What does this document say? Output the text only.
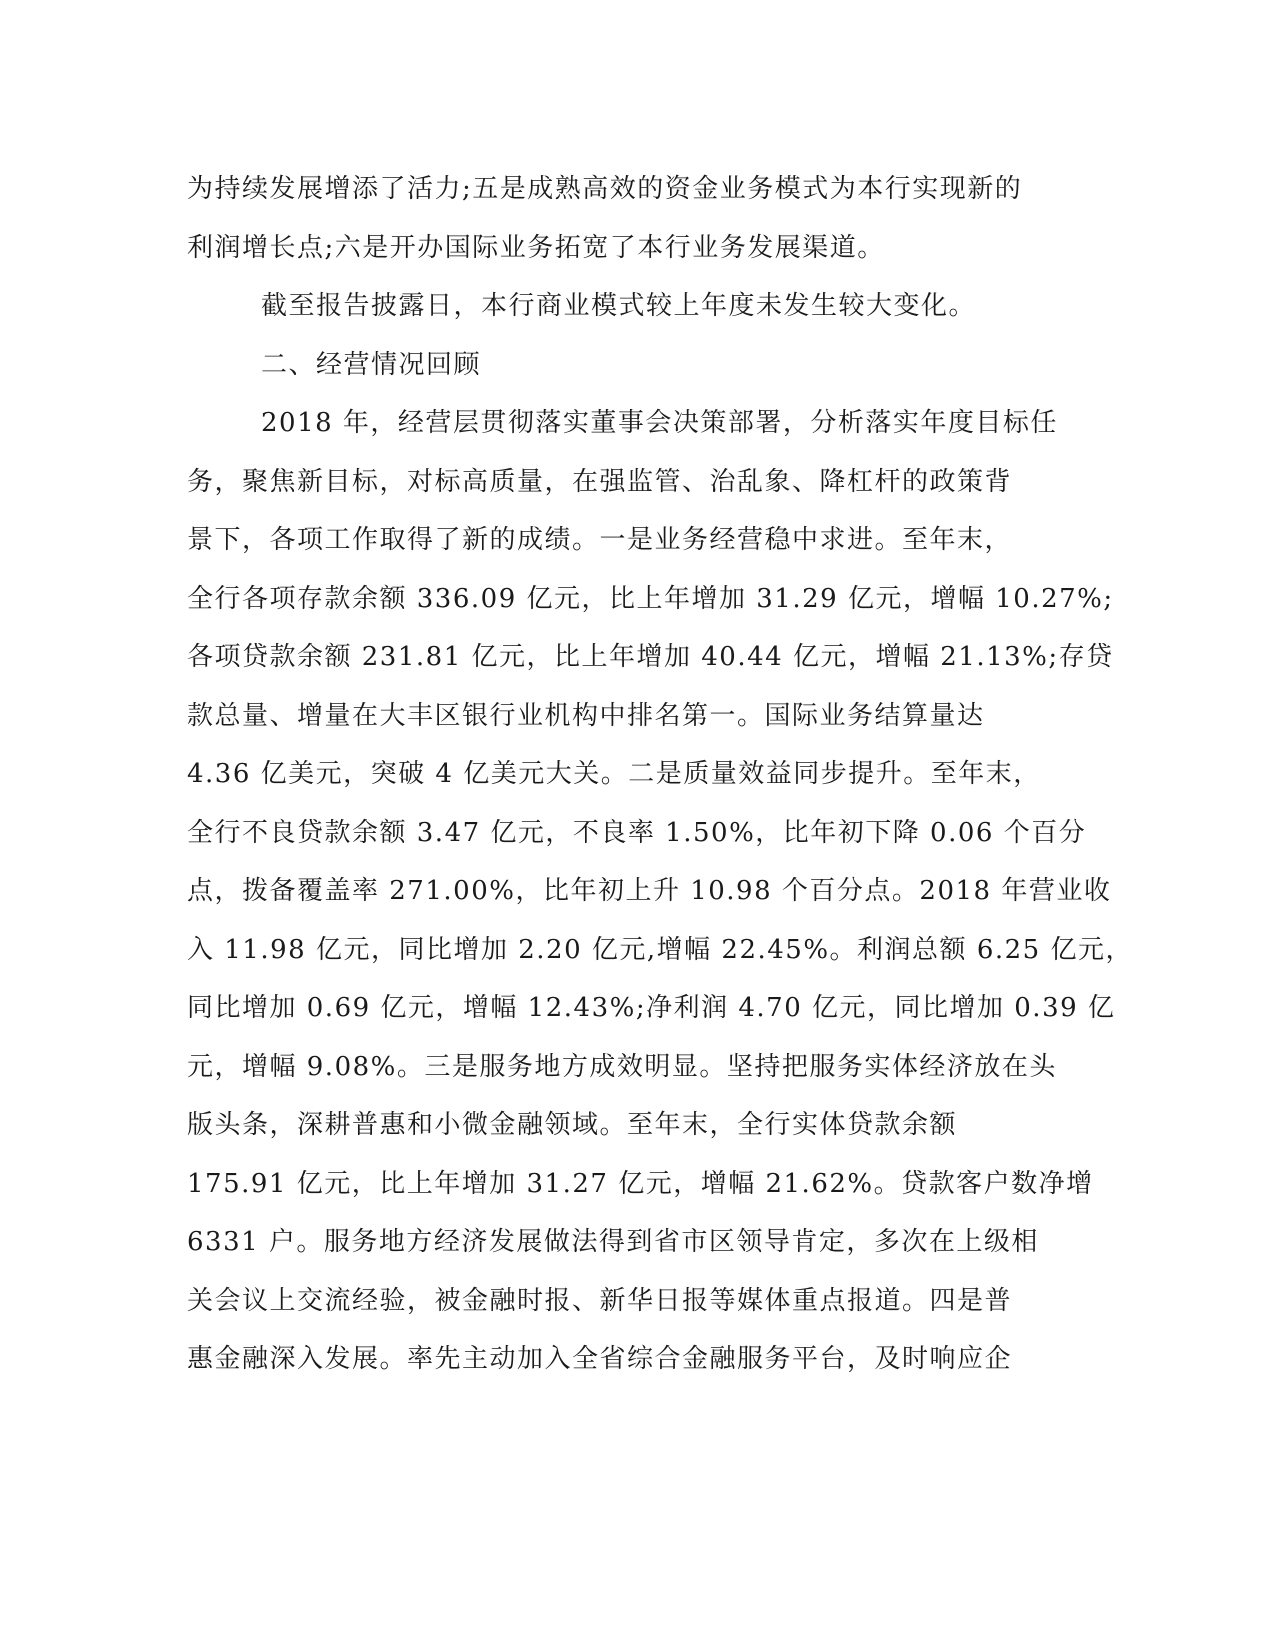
为持续发展增添了活力;五是成熟高效的资金业务模式为本行实现新的
利润增长点;六是开办国际业务拓宽了本行业务发展渠道。
截至报告披露日，本行商业模式较上年度未发生较大变化。
二、经营情况回顾
2018 年，经营层贯彻落实董事会决策部署，分析落实年度目标任
务，聚焦新目标，对标高质量，在强监管、治乱象、降杠杆的政策背
景下，各项工作取得了新的成绩。一是业务经营稳中求进。至年末，
全行各项存款余额 336.09 亿元，比上年增加 31.29 亿元，增幅 10.27%;
各项贷款余额 231.81 亿元，比上年增加 40.44 亿元，增幅 21.13%;存贷
款总量、增量在大丰区银行业机构中排名第一。国际业务结算量达
4.36 亿美元，突破 4 亿美元大关。二是质量效益同步提升。至年末，
全行不良贷款余额 3.47 亿元，不良率 1.50%，比年初下降 0.06 个百分
点，拨备覆盖率 271.00%，比年初上升 10.98 个百分点。2018 年营业收
入 11.98 亿元，同比增加 2.20 亿元,增幅 22.45%。利润总额 6.25 亿元，
同比增加 0.69 亿元，增幅 12.43%;净利润 4.70 亿元，同比增加 0.39 亿
元，增幅 9.08%。三是服务地方成效明显。坚持把服务实体经济放在头
版头条，深耕普惠和小微金融领域。至年末，全行实体贷款余额
175.91 亿元，比上年增加 31.27 亿元，增幅 21.62%。贷款客户数净增
6331 户。服务地方经济发展做法得到省市区领导肯定，多次在上级相
关会议上交流经验，被金融时报、新华日报等媒体重点报道。四是普
惠金融深入发展。率先主动加入全省综合金融服务平台，及时响应企
